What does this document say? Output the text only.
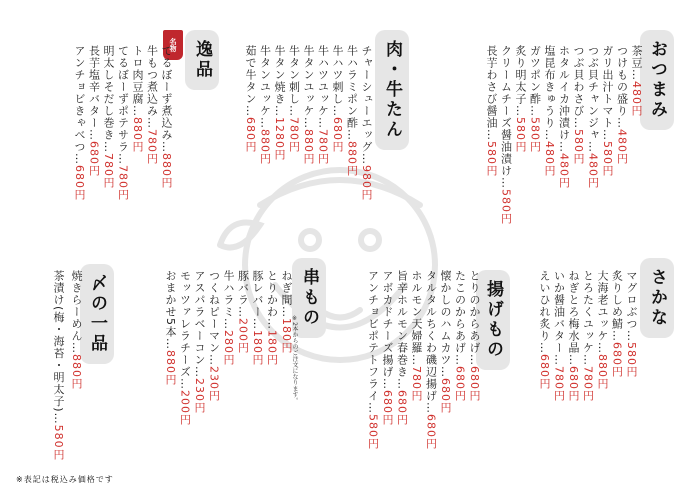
おつまみ
茶豆…480円
つけもの盛り…480円
ガリ出汁トマト…580円
つぶ貝チャンジャ…480円
つぶ貝わさび…580円
ホタルイカ沖漬け…480円
塩昆布きゅうり…480円
ガツポン酢…580円
炙り明太子…580円
クリームチーズ醤油漬け…580円
長芋わさび醤油…580円
肉・牛たん
チャーシューエッグ…980円
牛ハラミポン酢…880円
牛ハツ刺し…680円
牛ハツユッケ…780円
牛タンユッケ…880円
牛タン刺し…780円
牛タン焼き…1280円
牛タンユッケ…880円
茹で牛タン…680円
名物 逸品
てるぼーず煮込み…880円
牛もつ煮込み…780円
トロ肉豆腐…880円
てるぼーずポテサラ…780円
明太しそだし巻き…780円
長芋塩辛バター…680円
アンチョビきゃべつ…680円
さかな
マグロぶつ…580円
炙りしめ鯖…680円
大海老ユッケ…880円
とろたくユッケ…780円
ねぎとろ梅水晶…680円
いか醤油バター…780円
えいひれ炙り…680円
揚げもの
とりのからあげ…680円
たこのからあげ…680円
懐かしのハムカツ…680円
タルタルちくわ磯辺揚げ…680円
ホルモン天婦羅…780円
旨辛ホルモン春巻き…680円
アボカドチーズ揚げ…680円
アンチョビポテトフライ…580円
串もの
※2本からのご注文になります。
ねぎ間…180円
とりかわ…180円
豚レバー…180円
豚バラ…200円
牛ハラミ…280円
つくねピーマン…230円
アスパラベーコン…230円
モッツァレラチーズ…200円
おまかせ5本…880円
〆の一品
焼きらーめん…880円
茶漬け(梅・海苔・明太子)…580円
※表記は税込み価格です
